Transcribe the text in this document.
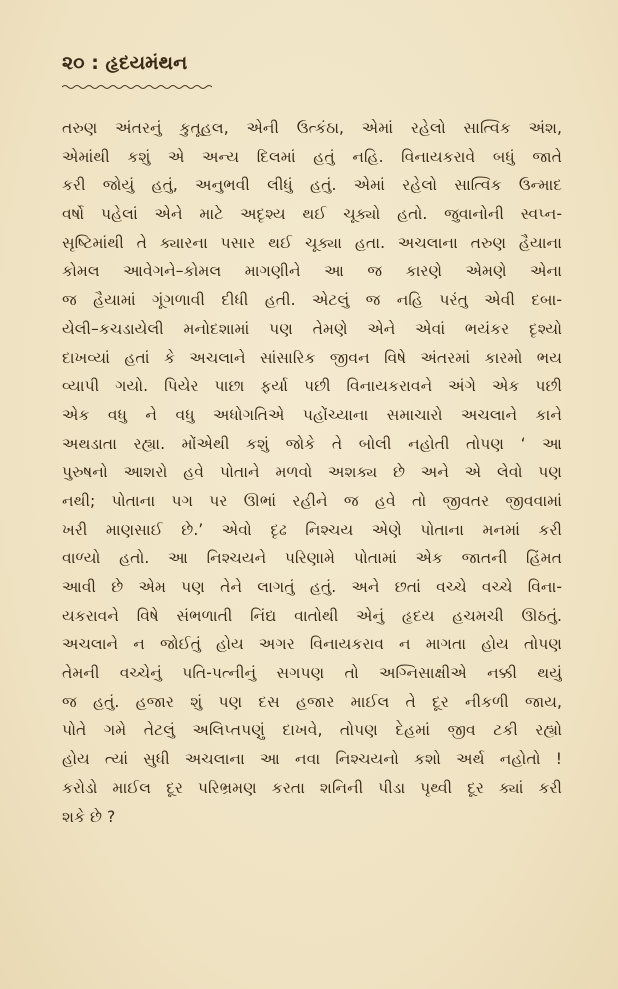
૨૦ : હૃદયમંથન
તરુણ અંતરનું કુતૂહલ, એની ઉત્કંઠા, એમાં રહેલો સાત્વિક અંશ,
એમાંથી કશું એ અન્ય દિલમાં હતું નહિ. વિનાયકરાવે બધું જાતે
કરી જોયું હતું, અનુભવી લીધું હતું. એમાં રહેલો સાત્વિક ઉન્માદ
વર્ષો પહેલાં એને માટે અદૃશ્ય થઈ ચૂક્યો હતો. જુવાનોની સ્વપ્ન-
સૃષ્ટિમાંથી તે ક્યારના પસાર થઈ ચૂક્યા હતા. અચલાના તરુણ હૈયાના
કોમલ આવેગને–કોમલ માગણીને આ જ કારણે એમણે એના
જ હૈયામાં ગૂંગળાવી દીધી હતી. એટલું જ નહિ પરંતુ એવી દબા-
યેલી–કચડાયેલી મનોદશામાં પણ તેમણે એને એવાં ભયંકર દૃશ્યો
દાખવ્યાં હતાં કે અચલાને સાંસારિક જીવન વિષે અંતરમાં કારમો ભય
વ્યાપી ગયો. પિયેર પાછા ફર્યા પછી વિનાયકરાવને અંગે એક પછી
એક વધુ ને વધુ અધોગતિએ પહોંચ્યાના સમાચારો અચલાને કાને
અથડાતા રહ્યા. મોંએથી કશું જોકે તે બોલી નહોતી તોપણ ‘ આ
પુરુષનો આશરો હવે પોતાને મળવો અશક્ય છે અને એ લેવો પણ
નથી; પોતાના પગ પર ઊભાં રહીને જ હવે તો જીવતર જીવવામાં
ખરી માણસાઈ છે.’ એવો દૃઢ નિશ્ચય એણે પોતાના મનમાં કરી
વાળ્યો હતો. આ નિશ્ચયને પરિણામે પોતામાં એક જાતની હિંમત
આવી છે એમ પણ તેને લાગતું હતું. અને છતાં વચ્ચે વચ્ચે વિના-
યકરાવને વિષે સંભળાતી નિંદ્ય વાતોથી એનું હૃદય હચમચી ઊઠતું.
અચલાને ન જોઈતું હોય અગર વિનાયકરાવ ન માગતા હોય તોપણ
તેમની વચ્ચેનું પતિ-પત્નીનું સગપણ તો અગ્નિસાક્ષીએ નક્કી થયું
જ હતું. હજાર શું પણ દસ હજાર માઈલ તે દૂર નીકળી જાય,
પોતે ગમે તેટલું અલિપ્તપણું દાખવે, તોપણ દેહમાં જીવ ટકી રહ્યો
હોય ત્યાં સુધી અચલાના આ નવા નિશ્ચયનો કશો અર્થ નહોતો !
કરોડો માઈલ દૂર પરિભ્રમણ કરતા શનિની પીડા પૃથ્વી દૂર ક્યાં કરી
શકે છે ?
